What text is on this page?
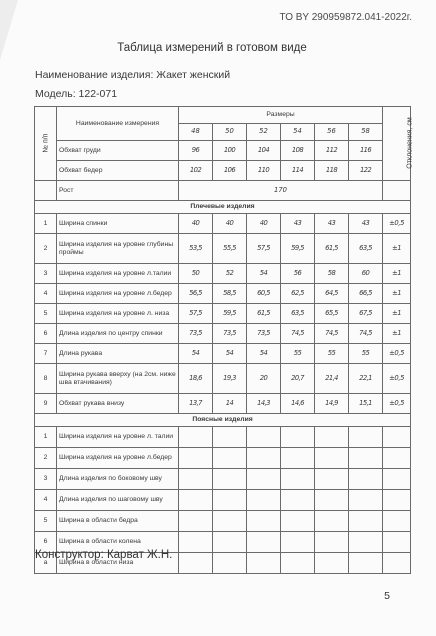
ТО BY 290959872.041-2022г.
Таблица измерений в готовом виде
Наименование изделия: Жакет женский
Модель: 122-071
№ п/п	Наименование измерения	Размеры						Отклонения, см
		48	50	52	54	56	58	
	Обхват груди	96	100	104	108	112	116	
	Обхват бедер	102	106	110	114	118	122	
	Рост	170						
Плечевые изделия								
1	Ширина спинки	40	40	40	43	43	43	±0,5
2	Ширина изделия на уровне глубины проймы	53,5	55,5	57,5	59,5	61,5	63,5	±1
3	Ширина изделия на уровне л.талии	50	52	54	56	58	60	±1
4	Ширина изделия на уровне л.бедер	56,5	58,5	60,5	62,5	64,5	66,5	±1
5	Ширина изделия на уровне л. низа	57,5	59,5	61,5	63,5	65,5	67,5	±1
6	Длина изделия по центру спинки	73,5	73,5	73,5	74,5	74,5	74,5	±1
7	Длина рукава	54	54	54	55	55	55	±0,5
8	Ширина рукава вверху (на 2см. ниже шва втачивания)	18,6	19,3	20	20,7	21,4	22,1	±0,5
9	Обхват рукава внизу	13,7	14	14,3	14,6	14,9	15,1	±0,5
Поясные изделия								
1	Ширина изделия на уровне л. талии							
2	Ширина изделия на уровне л.бедер							
3	Длина изделия по боковому шву							
4	Длина изделия по шаговому шву							
5	Ширина в области бедра							
6	Ширина в области колена							
a	Ширина в области низа							
Конструктор: Карват Ж.Н.
5
